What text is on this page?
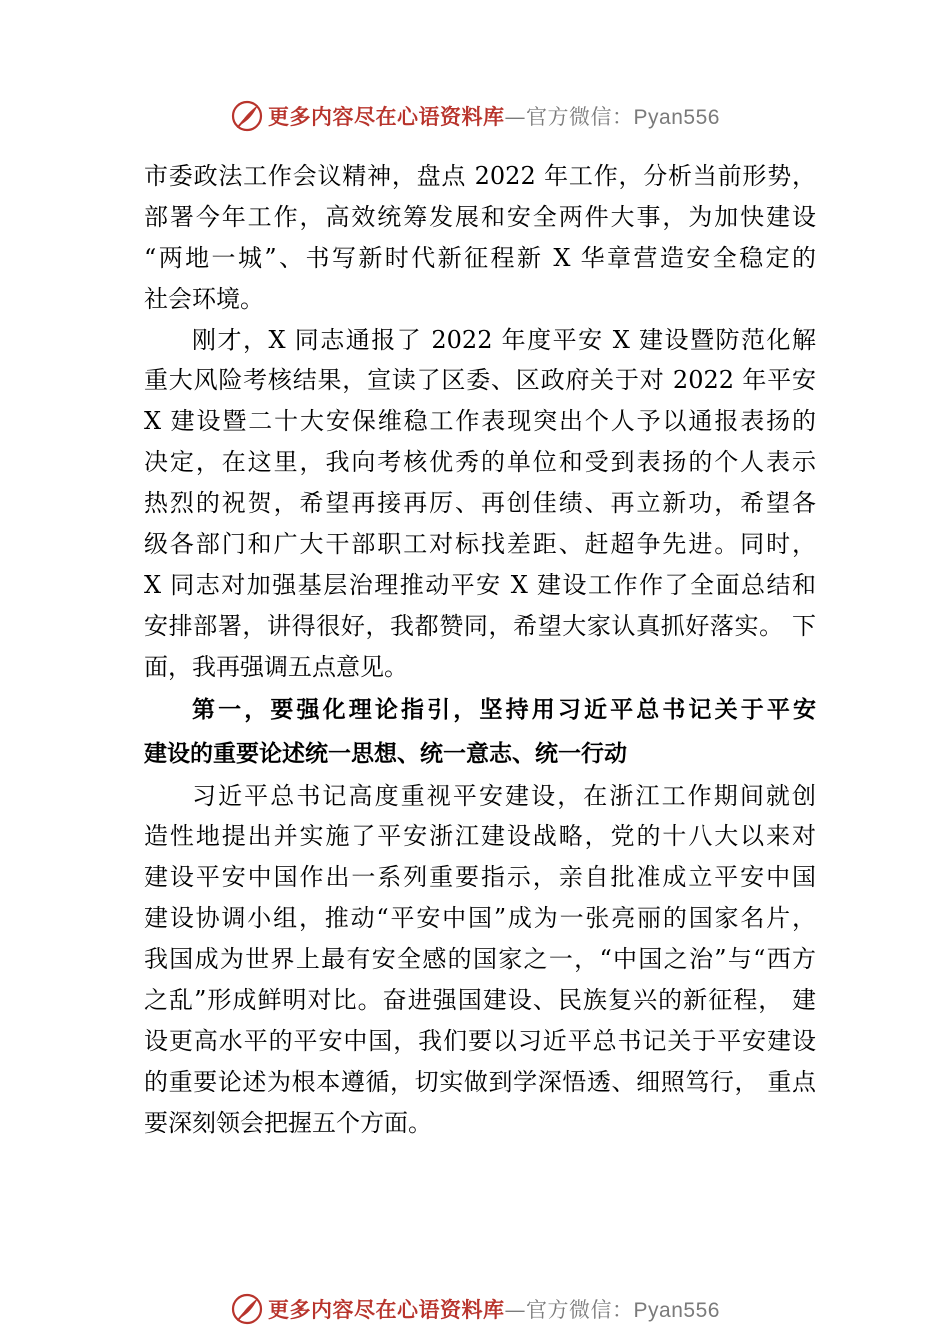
更多内容尽在心语资料库—官方微信：Pyan556
市委政法工作会议精神，盘点 2022 年工作，分析当前形势，
部署今年工作，高效统筹发展和安全两件大事，为加快建设
“两地一城”、书写新时代新征程新 X 华章营造安全稳定的
社会环境。
刚才，X 同志通报了 2022 年度平安 X 建设暨防范化解
重大风险考核结果，宣读了区委、区政府关于对 2022 年平安
X 建设暨二十大安保维稳工作表现突出个人予以通报表扬的
决定，在这里，我向考核优秀的单位和受到表扬的个人表示
热烈的祝贺，希望再接再厉、再创佳绩、再立新功，希望各
级各部门和广大干部职工对标找差距、赶超争先进。同时，
X 同志对加强基层治理推动平安 X 建设工作作了全面总结和
安排部署，讲得很好，我都赞同，希望大家认真抓好落实。 下
面，我再强调五点意见。
第一，要强化理论指引，坚持用习近平总书记关于平安
建设的重要论述统一思想、统一意志、统一行动
习近平总书记高度重视平安建设，在浙江工作期间就创
造性地提出并实施了平安浙江建设战略，党的十八大以来对
建设平安中国作出一系列重要指示，亲自批准成立平安中国
建设协调小组，推动“平安中国”成为一张亮丽的国家名片，
我国成为世界上最有安全感的国家之一，“中国之治”与“西方
之乱”形成鲜明对比。奋进强国建设、民族复兴的新征程， 建
设更高水平的平安中国，我们要以习近平总书记关于平安建设
的重要论述为根本遵循，切实做到学深悟透、细照笃行， 重点
要深刻领会把握五个方面。
更多内容尽在心语资料库—官方微信：Pyan556
